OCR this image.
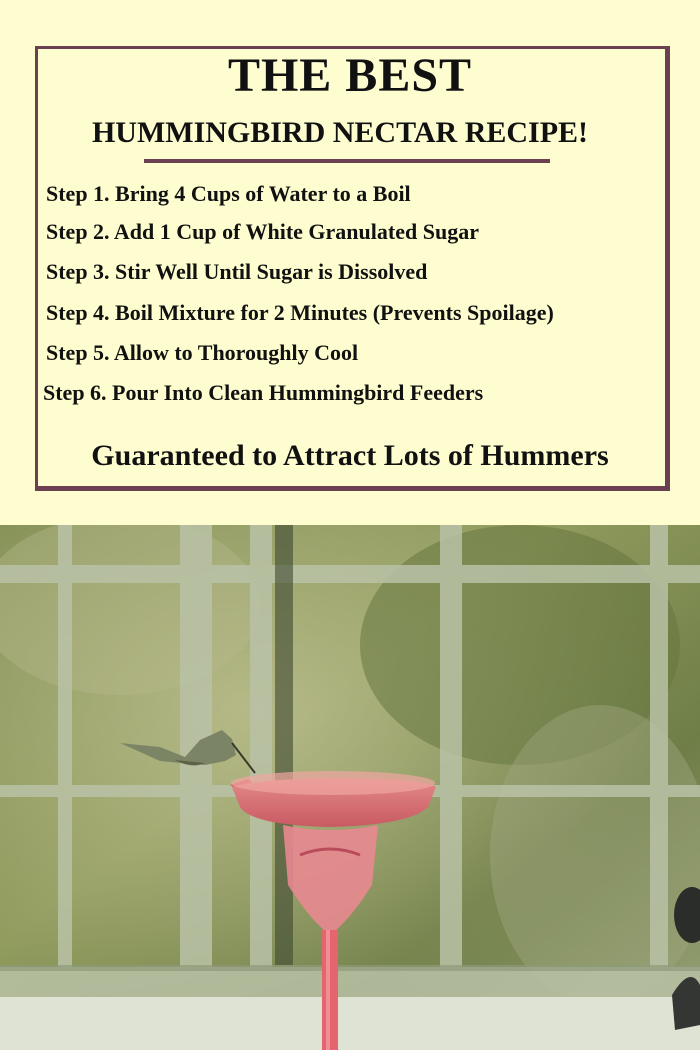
THE BEST
HUMMINGBIRD NECTAR RECIPE!
Step 1. Bring 4 Cups of Water to a Boil
Step 2. Add 1 Cup of White Granulated Sugar
Step 3. Stir Well Until Sugar is Dissolved
Step 4. Boil Mixture for 2 Minutes (Prevents Spoilage)
Step 5. Allow to Thoroughly Cool
Step 6. Pour Into Clean Hummingbird Feeders
Guaranteed to Attract Lots of Hummers
